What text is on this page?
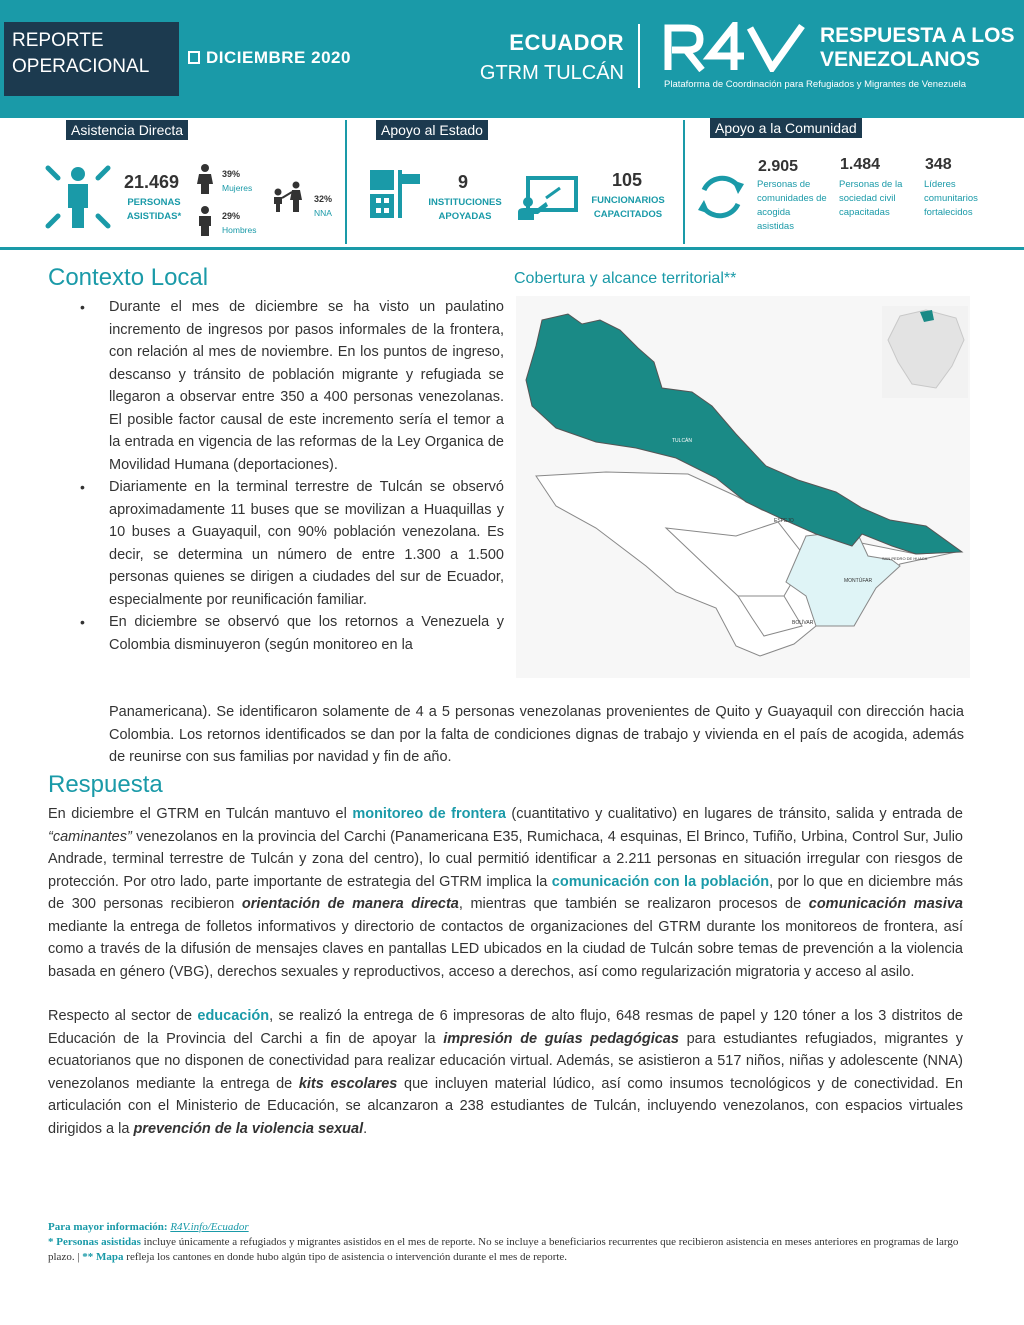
REPORTE
OPERACIONAL	DICIEMBRE 2020
ECUADOR
GTRM TULCÁN
R4V
RESPUESTA A LOS
VENEZOLANOS
Plataforma de Coordinación para Refugiados y Migrantes de Venezuela
Asistencia Directa
21.469
PERSONAS
ASISTIDAS*
39%
Mujeres
29%
Hombres
32%
NNA
Apoyo al Estado
9
INSTITUCIONES
APOYADAS
105
FUNCIONARIOS
CAPACITADOS
Apoyo a la Comunidad
2.905
Personas de comunidades de acogida asistidas
1.484
Personas de la sociedad civil capacitadas
348
Líderes comunitarios fortalecidos
Contexto Local	Cobertura y alcance territorial**
• Durante el mes de diciembre se ha visto un paulatino incremento de ingresos por pasos informales de la frontera, con relación al mes de noviembre. En los puntos de ingreso, descanso y tránsito de población migrante y refugiada se llegaron a observar entre 350 a 400 personas venezolanas. El posible factor causal de este incremento sería el temor a la entrada en vigencia de las reformas de la Ley Organica de Movilidad Humana (deportaciones).
• Diariamente en la terminal terrestre de Tulcán se observó aproximadamente 11 buses que se movilizan a Huaquillas y 10 buses a Guayaquil, con 90% población venezolana. Es decir, se determina un número de entre 1.300 a 1.500 personas quienes se dirigen a ciudades del sur de Ecuador, especialmente por reunificación familiar.
• En diciembre se observó que los retornos a Venezuela y Colombia disminuyeron (según monitoreo en la
Panamericana). Se identificaron solamente de 4 a 5 personas venezolanas provenientes de Quito y Guayaquil con dirección hacia Colombia. Los retornos identificados se dan por la falta de condiciones dignas de trabajo y vivienda en el país de acogida, además de reunirse con sus familias por navidad y fin de año.
TULCÁN
ESPEJO
MONTÚFAR
SAN PEDRO DE HUACA
BOLÍVAR
Respuesta

En diciembre el GTRM en Tulcán mantuvo el monitoreo de frontera (cuantitativo y cualitativo) en lugares de tránsito, salida y entrada de “caminantes” venezolanos en la provincia del Carchi (Panamericana E35, Rumichaca, 4 esquinas, El Brinco, Tufiño, Urbina, Control Sur, Julio Andrade, terminal terrestre de Tulcán y zona del centro), lo cual permitió identificar a 2.211 personas en situación irregular con riesgos de protección. Por otro lado, parte importante de estrategia del GTRM implica la comunicación con la población, por lo que en diciembre más de 300 personas recibieron orientación de manera directa, mientras que también se realizaron procesos de comunicación masiva mediante la entrega de folletos informativos y directorio de contactos de organizaciones del GTRM durante los monitoreos de frontera, así como a través de la difusión de mensajes claves en pantallas LED ubicados en la ciudad de Tulcán sobre temas de prevención a la violencia basada en género (VBG), derechos sexuales y reproductivos, acceso a derechos, así como regularización migratoria y acceso al asilo.

Respecto al sector de educación, se realizó la entrega de 6 impresoras de alto flujo, 648 resmas de papel y 120 tóner a los 3 distritos de Educación de la Provincia del Carchi a fin de apoyar la impresión de guías pedagógicas para estudiantes refugiados, migrantes y ecuatorianos que no disponen de conectividad para realizar educación virtual. Además, se asistieron a 517 niños, niñas y adolescente (NNA) venezolanos mediante la entrega de kits escolares que incluyen material lúdico, así como insumos tecnológicos y de conectividad. En articulación con el Ministerio de Educación, se alcanzaron a 238 estudiantes de Tulcán, incluyendo venezolanos, con espacios virtuales dirigidos a la prevención de la violencia sexual.

Para mayor información: R4V.info/Ecuador
* Personas asistidas incluye únicamente a refugiados y migrantes asistidos en el mes de reporte. No se incluye a beneficiarios recurrentes que recibieron asistencia en meses anteriores en programas de largo plazo. | ** Mapa refleja los cantones en donde hubo algún tipo de asistencia o intervención durante el mes de reporte.
